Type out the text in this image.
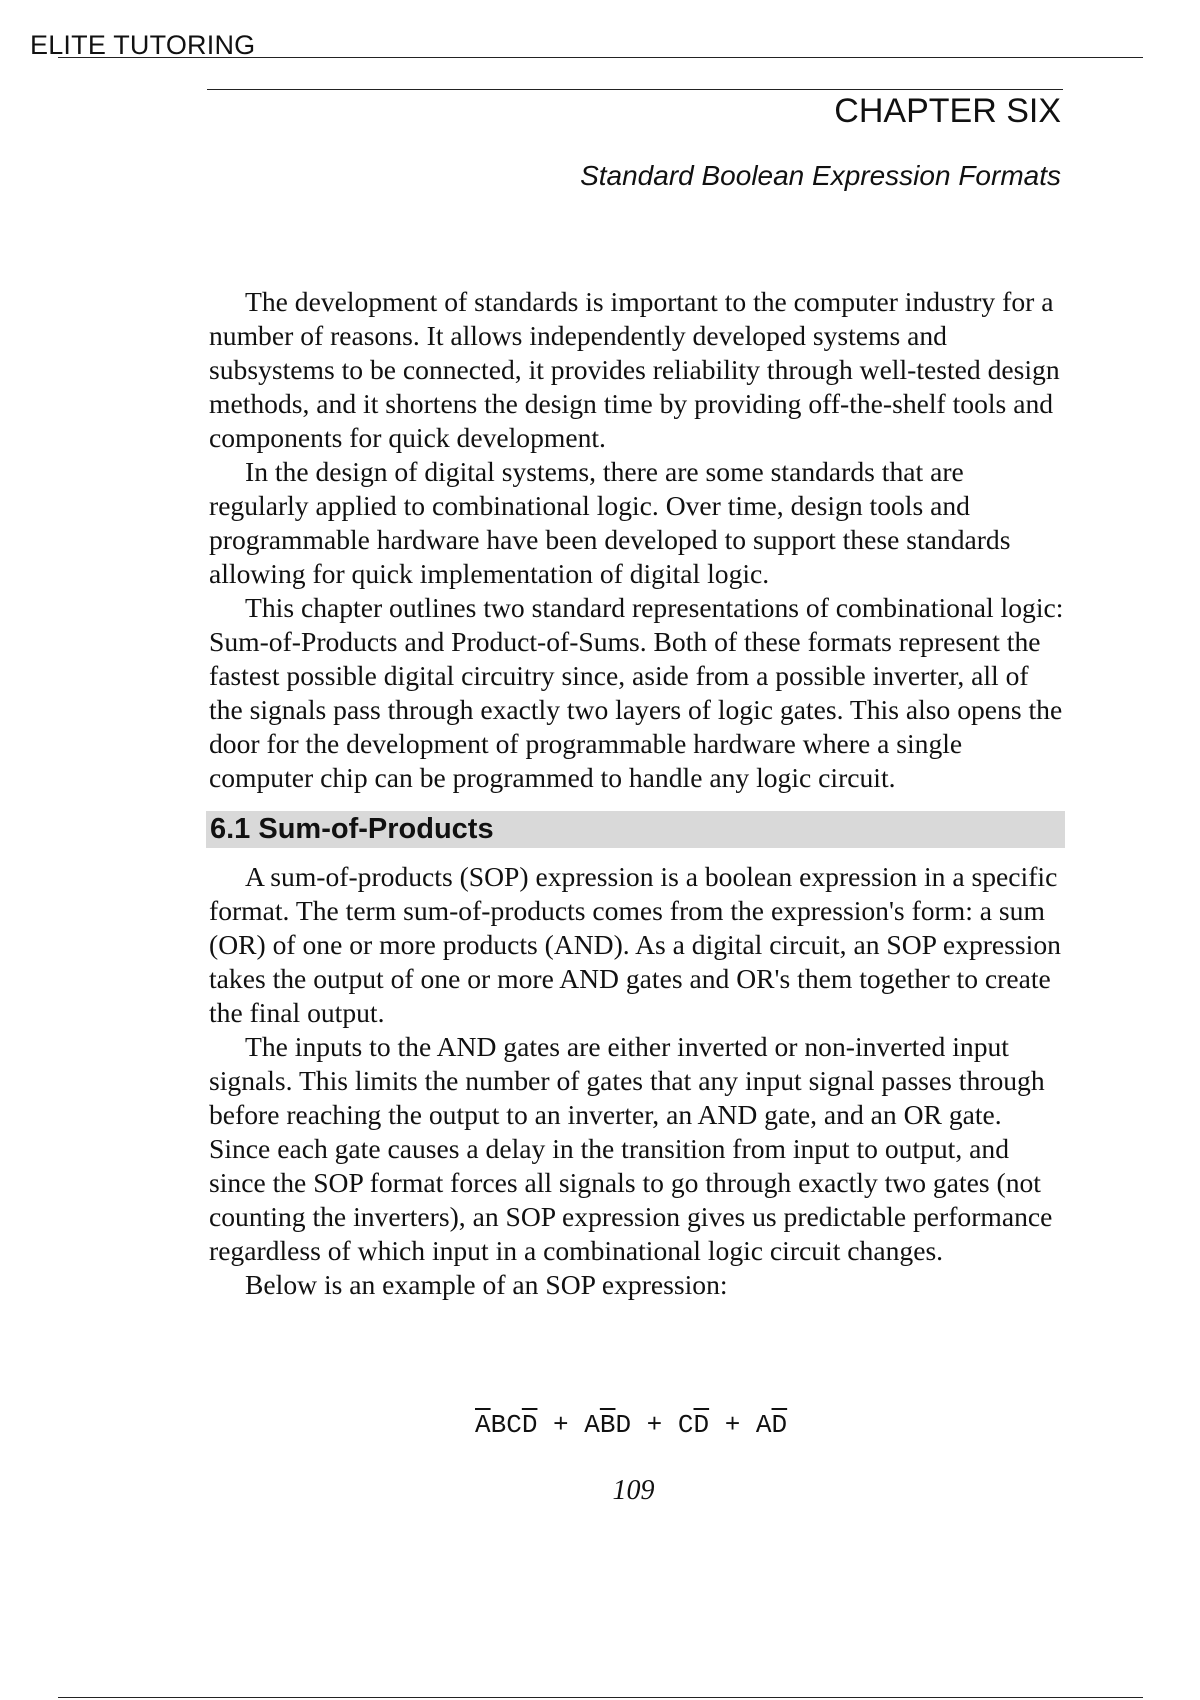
ELITE TUTORING
CHAPTER SIX
Standard Boolean Expression Formats

The development of standards is important to the computer industry for a number of reasons. It allows independently developed systems and subsystems to be connected, it provides reliability through well-tested design methods, and it shortens the design time by providing off-the-shelf tools and components for quick development.

In the design of digital systems, there are some standards that are regularly applied to combinational logic. Over time, design tools and programmable hardware have been developed to support these standards allowing for quick implementation of digital logic.

This chapter outlines two standard representations of combinational logic: Sum-of-Products and Product-of-Sums. Both of these formats represent the fastest possible digital circuitry since, aside from a possible inverter, all of the signals pass through exactly two layers of logic gates. This also opens the door for the development of programmable hardware where a single computer chip can be programmed to handle any logic circuit.

6.1 Sum-of-Products

A sum-of-products (SOP) expression is a boolean expression in a specific format. The term sum-of-products comes from the expression's form: a sum (OR) of one or more products (AND). As a digital circuit, an SOP expression takes the output of one or more AND gates and OR's them together to create the final output.

The inputs to the AND gates are either inverted or non-inverted input signals. This limits the number of gates that any input signal passes through before reaching the output to an inverter, an AND gate, and an OR gate. Since each gate causes a delay in the transition from input to output, and since the SOP format forces all signals to go through exactly two gates (not counting the inverters), an SOP expression gives us predictable performance regardless of which input in a combinational logic circuit changes.

Below is an example of an SOP expression:

$\overline{A}BC\overline{D} + A\overline{B}D + C\overline{D} + A\overline{D}$
109
